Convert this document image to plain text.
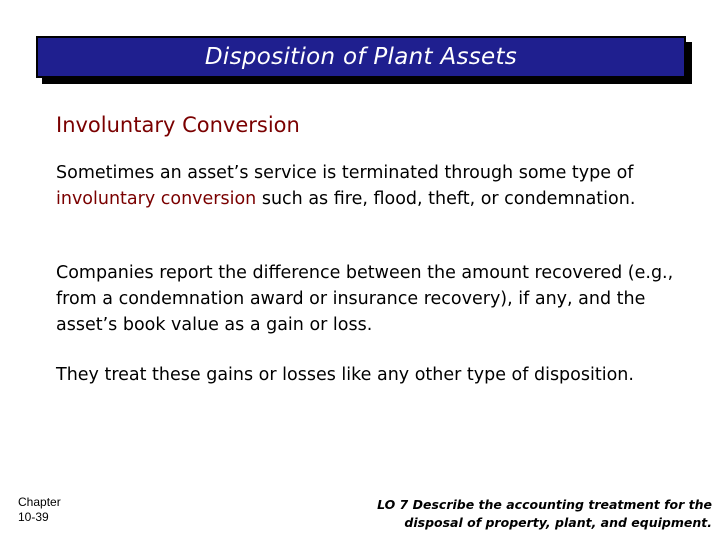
Disposition of Plant Assets
Involuntary Conversion
Sometimes an asset’s service is terminated through some type of involuntary conversion such as fire, flood, theft, or condemnation.
Companies report the difference between the amount recovered (e.g., from a condemnation award or insurance recovery), if any, and the asset’s book value as a gain or loss.
They treat these gains or losses like any other type of disposition.
Chapter
10-39
LO 7 Describe the accounting treatment for the
disposal of property, plant, and equipment.
